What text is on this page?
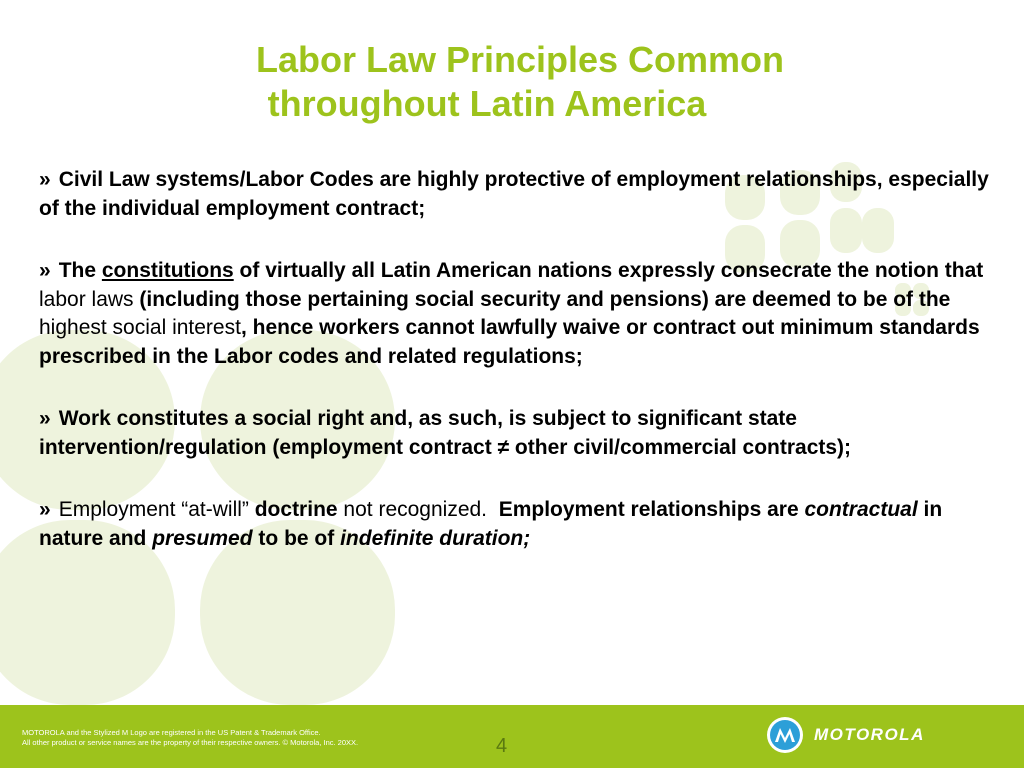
Labor Law Principles Common
throughout Latin America

» Civil Law systems/Labor Codes are highly protective of employment relationships, especially of the individual employment contract;

» The constitutions of virtually all Latin American nations expressly consecrate the notion that labor laws (including those pertaining social security and pensions) are deemed to be of the highest social interest, hence workers cannot lawfully waive or contract out minimum standards prescribed in the Labor codes and related regulations;

» Work constitutes a social right and, as such, is subject to significant state intervention/regulation (employment contract ≠ other civil/commercial contracts);

» Employment “at-will” doctrine not recognized. Employment relationships are contractual in nature and presumed to be of indefinite duration;

MOTOROLA and the Stylized M Logo are registered in the US Patent & Trademark Office.
All other product or service names are the property of their respective owners. © Motorola, Inc. 20XX.	4
MOTOROLA
